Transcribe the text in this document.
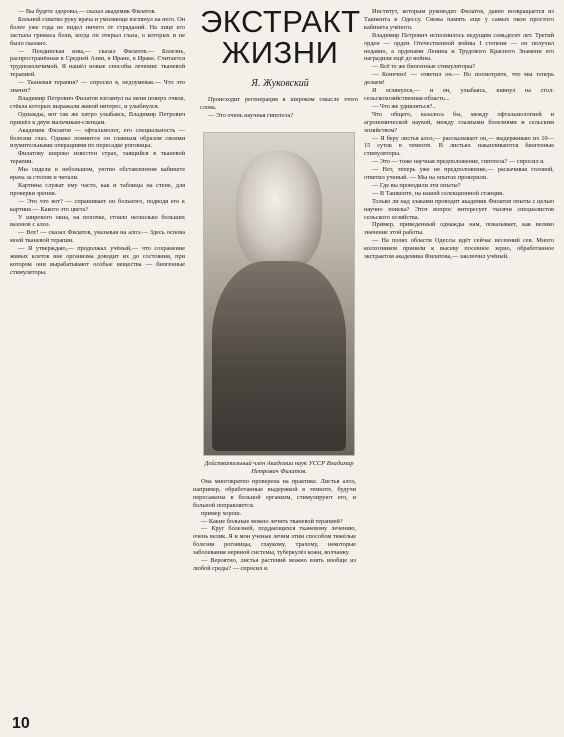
— Вы будете здоровы,— сказал академик Филатов.

Больной схватил руку врача и умоляюще взглянул на него. Он более уже года не видел ничего от страданий. На лице его застыла гримаса боли, когда он открыл глаза, о которых и не было сказано.

— Пендинская язва,— сказал Филатов.— Болезнь, распространённая в Средней Азии, в Иране, в Ираке. Считается трудноизлечимой. Я нашёл новые способы лечения: тканевой терапией.

— Тканевая терапия? — спросил я, недоумевая.— Что это значит?

Владимир Петрович Филатов взглянул на меня поверх очков, стёкла которых выражали живой интерес, и улыбнулся.

Однажды, вот так же хитро улыбаясь, Владимир Петрович пришёл к двум мальчикам-слепцам.

Академик Филатов — офтальмолог, его специальность — болезни глаз. Однако помнится он главным образом своими изумительными операциями по пересадке роговицы.

Филатову широко известен страх, таящийся в тканевой терапии.

Мы сидели в небольшом, уютно обставленном кабинете врача за столом и читали.

Картины служат ему часто, как и таблицы на стене, для проверки зрения.

— Это что вот? — спрашивает он больного, подводя его к картине.— Какого это цвета?

У широкого окна, на полочке, стояло несколько больших вазонов с алоэ.

— Вот! — сказал Филатов, указывая на алоэ.— Здесь основа моей тканевой терапии.

— Я утверждаю,— продолжал учёный,— что сохранение живых клеток вне организма доводит их до состояния, при котором они вырабатывают особые вещества — биогенные стимуляторы.

ЭКСТРАКТ ЖИЗНИ
Я. Жуковский

Происходит регенерация в широком смысле этого слова.

— Это очень научная гипотеза?

Действительный член Академии наук УССР Владимир Петрович Филатов.

Она многократно проверена на практике. Листья алоэ, например, обработанные выдержкой в темноте, будучи пересажены в больной организм, стимулируют его, и больной поправляется.

пример хорош.

— Какие больные можно лечить тканевой терапией?

— Круг болезней, поддающихся тканевому лечению, очень велик. Я и мои ученые лечим этим способом тяжёлые болезни роговицы, глаукому, трахому, некоторые заболевания нервной системы, туберкулёз кожи, волчанку.

— Вероятно, листья растений можно взять вообще из любой среды? — спросил я.

Институт, которым руководит Филатов, давно возвращается из Ташкента в Одессу. Свежа память еще у самых окон простого кабинета учёного.

Владимир Петрович исполнилось ведущим семьдесят лет. Третий орден — орден Отечественной войны I степени — он получил недавно, а орденами Ленина и Трудового Красного Знамени его наградили ещё до войны.

— Всё те же биогенные стимуляторы?

— Конечно! — ответил он.— Но посмотрите, что мы теперь делаем!

Я оглянулся,— и он, улыбаясь, кивнул на стол: сельскохозяйственная область...

— Что же удивляться?..

Что общего, казалось бы, между офтальмологией и агрономической наукой, между глазными болезнями и сельским хозяйством?

— Я беру листья алоэ,— рассказывает он,— выдерживаю их 10—15 суток в темноте. В листьях накапливаются биогенные стимуляторы.

— Это — тоже научная предположение, гипотеза? — спросил я.

— Нет, теперь уже не предположение,— раскачивая головой, ответил ученый. — Мы на опытах проверили.

— Где вы проводили эти опыты?

— В Ташкенте, на нашей селекционной станции.

Только ли над злаками проводит академик Филатов опыты с целью научно поиска? Этот вопрос интересует тысячи специалистов сельского хозяйства.

Пример, приведенный однажды нам, показывает, как велико значение этой работы.

— На полях области Одессы идёт сейчас весенний сев. Много колхозников приняли к высеву посевное зерно, обработанное экстрактом академика Филатова,— заключил учёный.

10
